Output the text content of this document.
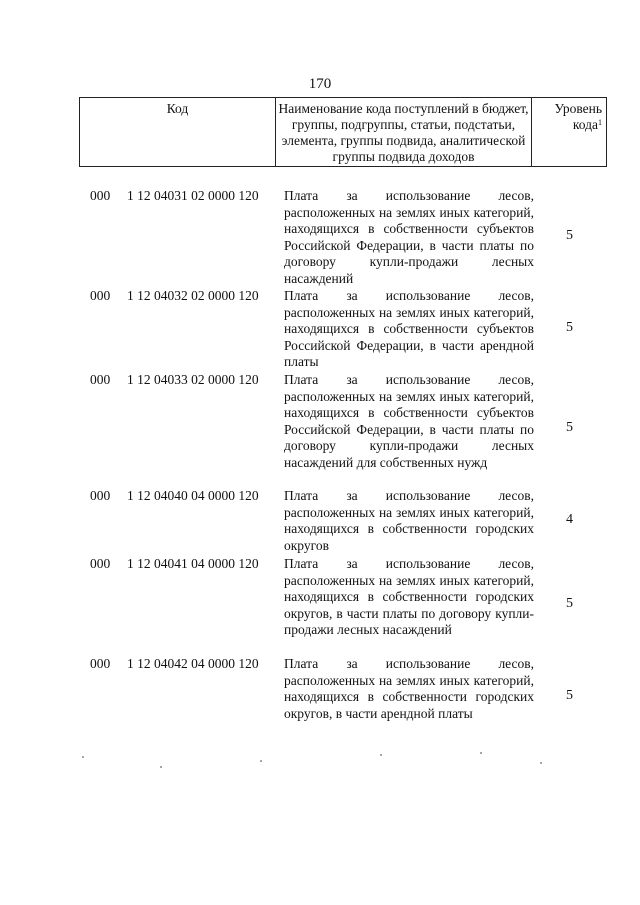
170
Код	Наименование кода поступлений в бюджет, группы, подгруппы, статьи, подстатьи, элемента, группы подвида, аналитической группы подвида доходов
Уровень кода$^1$
000 1 12 04031 02 0000 120 Плата за использование лесов, расположенных на землях иных категорий, находящихся в собственности субъектов Российской Федерации, в части платы по договору купли-продажи лесных насаждений
5
000 1 12 04032 02 0000 120 Плата за использование лесов, расположенных на землях иных категорий, находящихся в собственности субъектов Российской Федерации, в части арендной платы
5
000 1 12 04033 02 0000 120 Плата за использование лесов, расположенных на землях иных категорий, находящихся в собственности субъектов Российской Федерации, в части платы по договору купли-продажи лесных насаждений для собственных нужд
5
000 1 12 04040 04 0000 120 Плата за использование лесов, расположенных на землях иных категорий, находящихся в собственности городских округов
4
000 1 12 04041 04 0000 120 Плата за использование лесов, расположенных на землях иных категорий, находящихся в собственности городских округов, в части платы по договору купли-продажи лесных насаждений
5
000 1 12 04042 04 0000 120 Плата за использование лесов, расположенных на землях иных категорий, находящихся в собственности городских округов, в части арендной платы
5
